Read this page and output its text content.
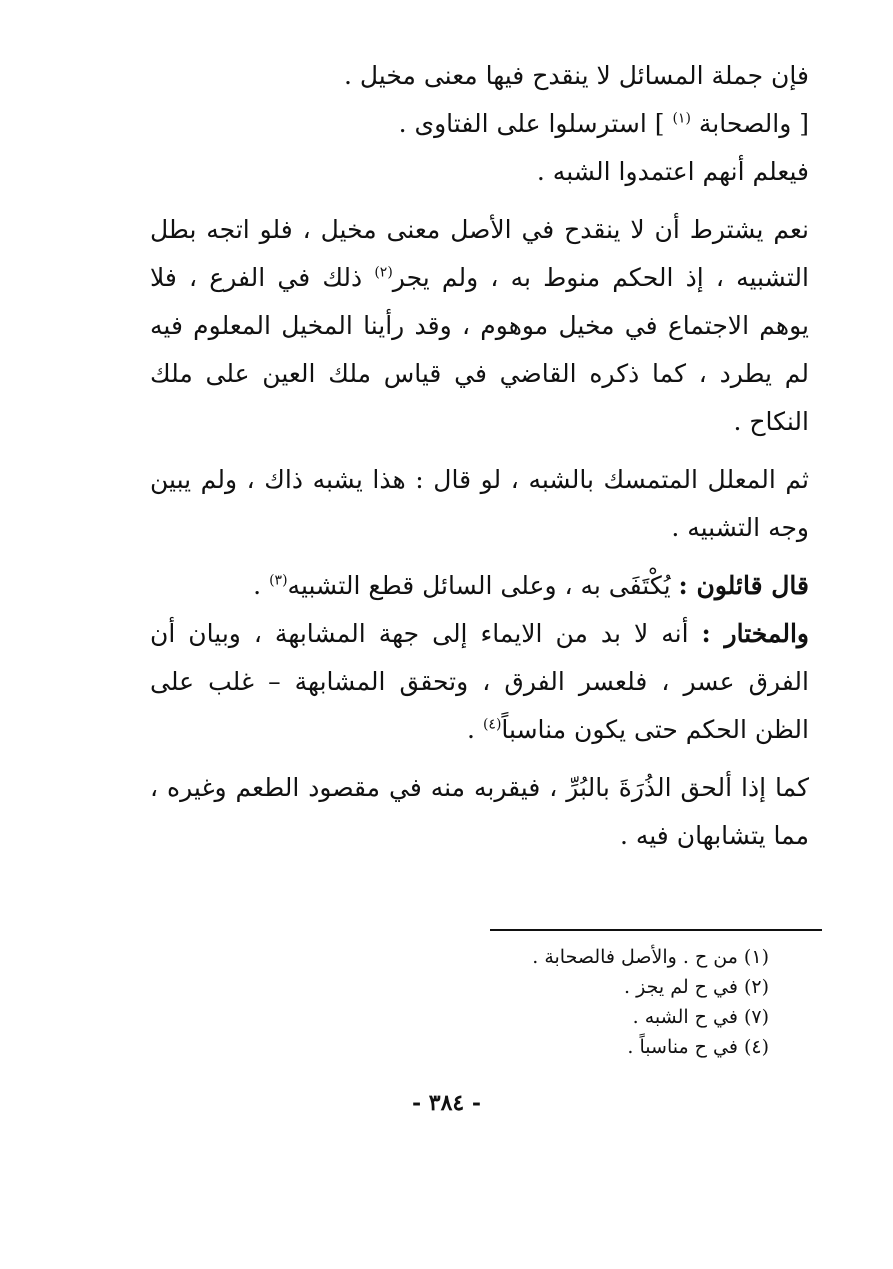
فإن جملة المسائل لا ينقدح فيها معنى مخيل .

[ والصحابة $^{(١)}$ ] استرسلوا على الفتاوى .

فيعلم أنهم اعتمدوا الشبه .

نعم يشترط أن لا ينقدح في الأصل معنى مخيل ، فلو اتجه بطل التشبيه ، إذ الحكم منوط به ، ولم يجر$^{(٢)}$ ذلك في الفرع ، فلا يوهم الاجتماع في مخيل موهوم ، وقد رأينا المخيل المعلوم فيه لم يطرد ، كما ذكره القاضي في قياس ملك العين على ملك النكاح .

ثم المعلل المتمسك بالشبه ، لو قال : هذا يشبه ذاك ، ولم يبين وجه التشبيه .

قال قائلون : يُكْتَفَى به ، وعلى السائل قطع التشبيه$^{(٣)}$ .

والمختار : أنه لا بد من الايماء إلى جهة المشابهة ، وبيان أن الفرق عسر ، فلعسر الفرق ، وتحقق المشابهة – غلب على الظن الحكم حتى يكون مناسباً$^{(٤)}$ .

كما إذا ألحق الذُرَةَ بالبُرِّ ، فيقربه منه في مقصود الطعم وغيره ، مما يتشابهان فيه .

(١) من ح . والأصل فالصحابة .
(٢) في ح لم يجز .
(٧) في ح الشبه .
(٤) في ح مناسباً .
- ٣٨٤ -
